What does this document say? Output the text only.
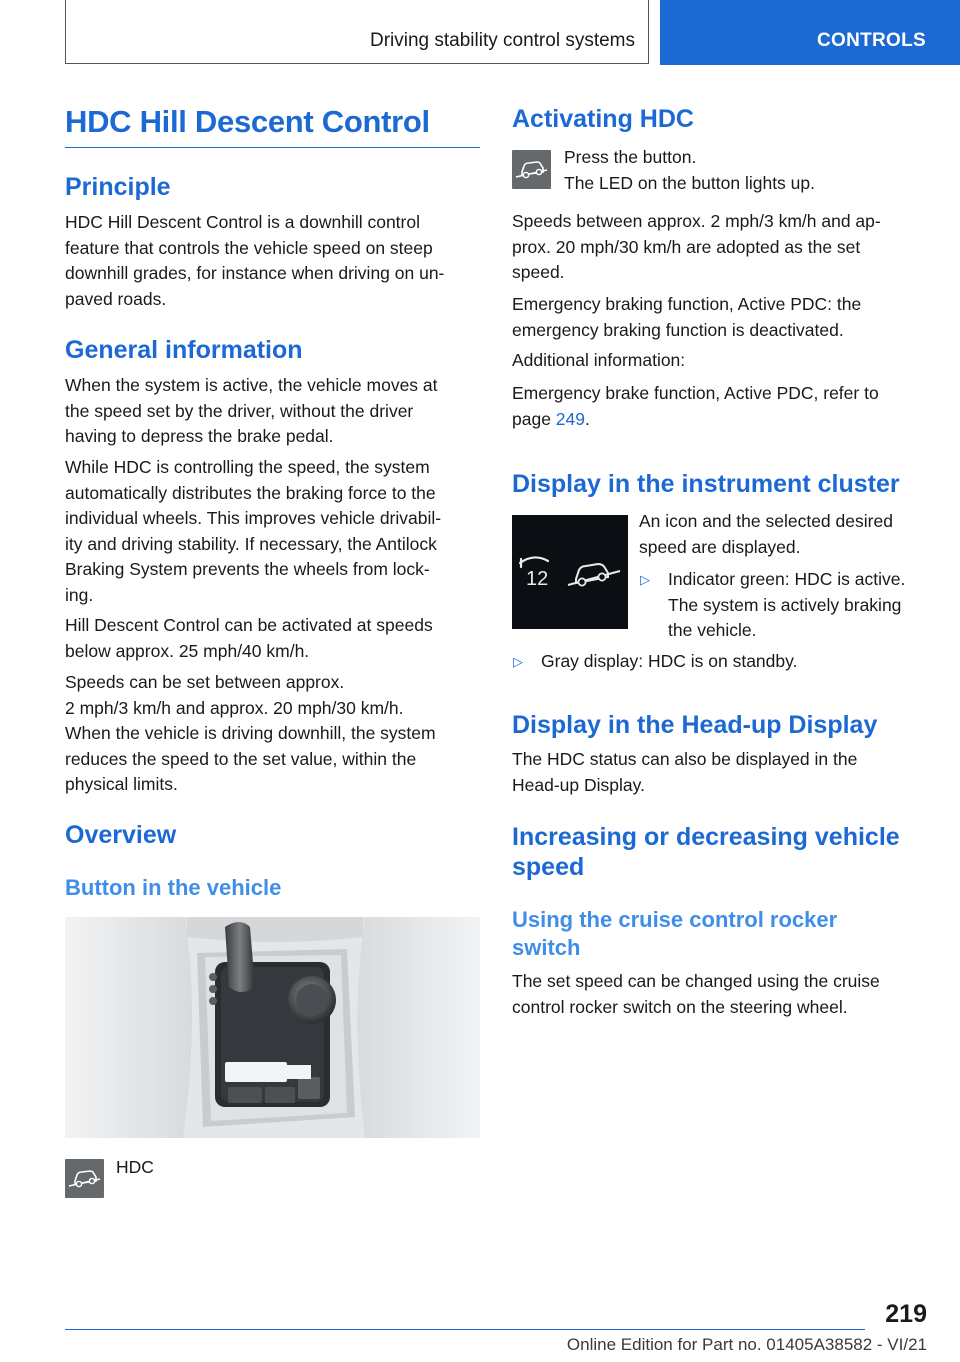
Driving stability control systems	CONTROLS
HDC Hill Descent Control
Principle
HDC Hill Descent Control is a downhill control
feature that controls the vehicle speed on steep
downhill grades, for instance when driving on un‐
paved roads.
General information
When the system is active, the vehicle moves at
the speed set by the driver, without the driver
having to depress the brake pedal.
While HDC is controlling the speed, the system
automatically distributes the braking force to the
individual wheels. This improves vehicle drivabil‐
ity and driving stability. If necessary, the Antilock
Braking System prevents the wheels from lock‐
ing.
Hill Descent Control can be activated at speeds
below approx. 25 mph/40 km/h.
Speeds can be set between approx.
2 mph/3 km/h and approx. 20 mph/30 km/h.
When the vehicle is driving downhill, the system
reduces the speed to the set value, within the
physical limits.
Overview
Button in the vehicle
HDC
Activating HDC
Press the button.
The LED on the button lights up.
Speeds between approx. 2 mph/3 km/h and ap‐
prox. 20 mph/30 km/h are adopted as the set
speed.
Emergency braking function, Active PDC: the
emergency braking function is deactivated.
Additional information:
Emergency brake function, Active PDC, refer to
page 249.
Display in the instrument cluster
12
An icon and the selected desired
speed are displayed.
▷ Indicator green: HDC is active.
The system is actively braking
the vehicle.
▷ Gray display: HDC is on standby.
Display in the Head-up Display
The HDC status can also be displayed in the
Head-up Display.
Increasing or decreasing vehicle
speed
Using the cruise control rocker
switch
The set speed can be changed using the cruise
control rocker switch on the steering wheel.
219
Online Edition for Part no. 01405A38582 - VI/21
